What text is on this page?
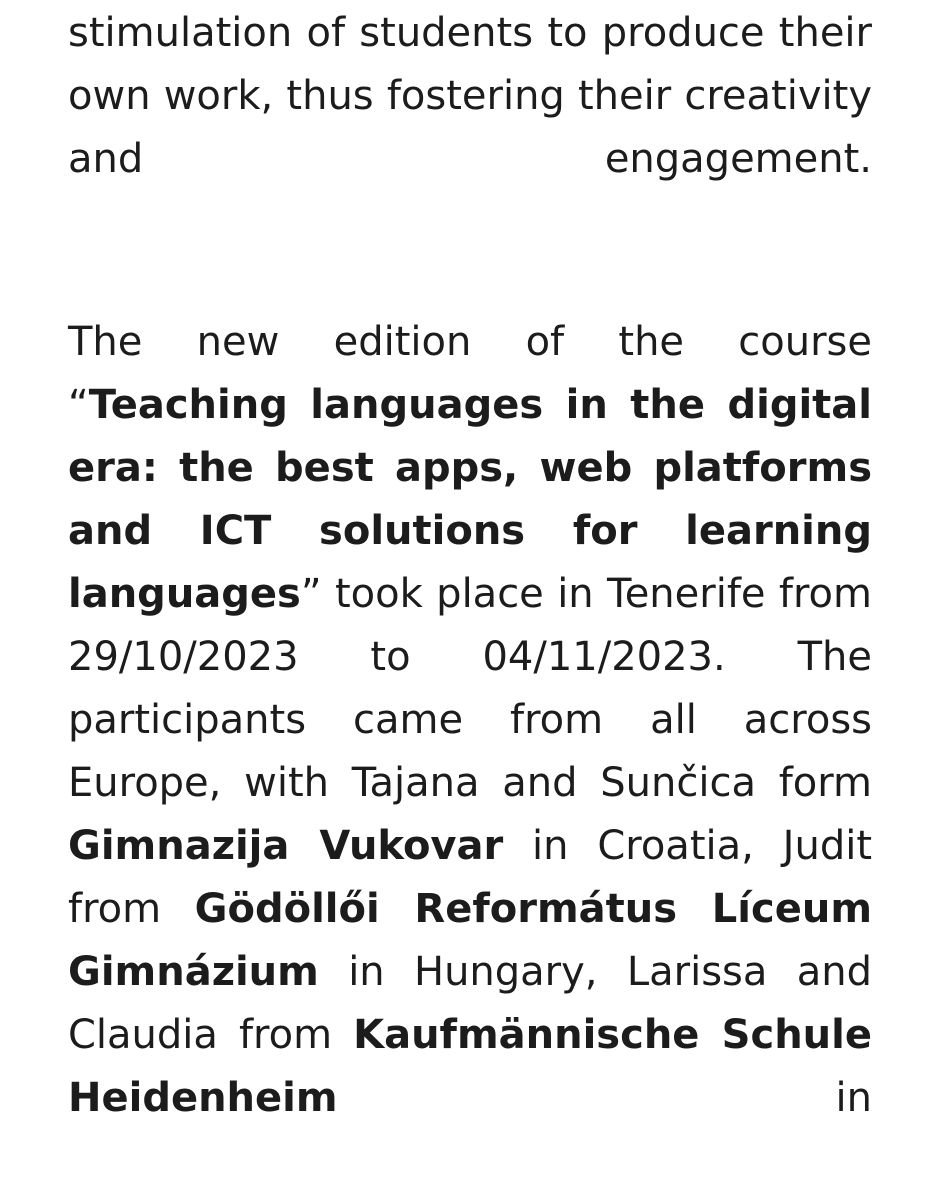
stimulation of students to produce their own work, thus fostering their creativity and engagement.

The new edition of the course “Teaching languages in the digital era: the best apps, web platforms and ICT solutions for learning languages” took place in Tenerife from 29/10/2023 to 04/11/2023. The participants came from all across Europe, with Tajana and Sunčica form Gimnazija Vukovar in Croatia, Judit from Gödöllői Református Líceum Gimnázium in Hungary, Larissa and Claudia from Kaufmännische Schule Heidenheim in
